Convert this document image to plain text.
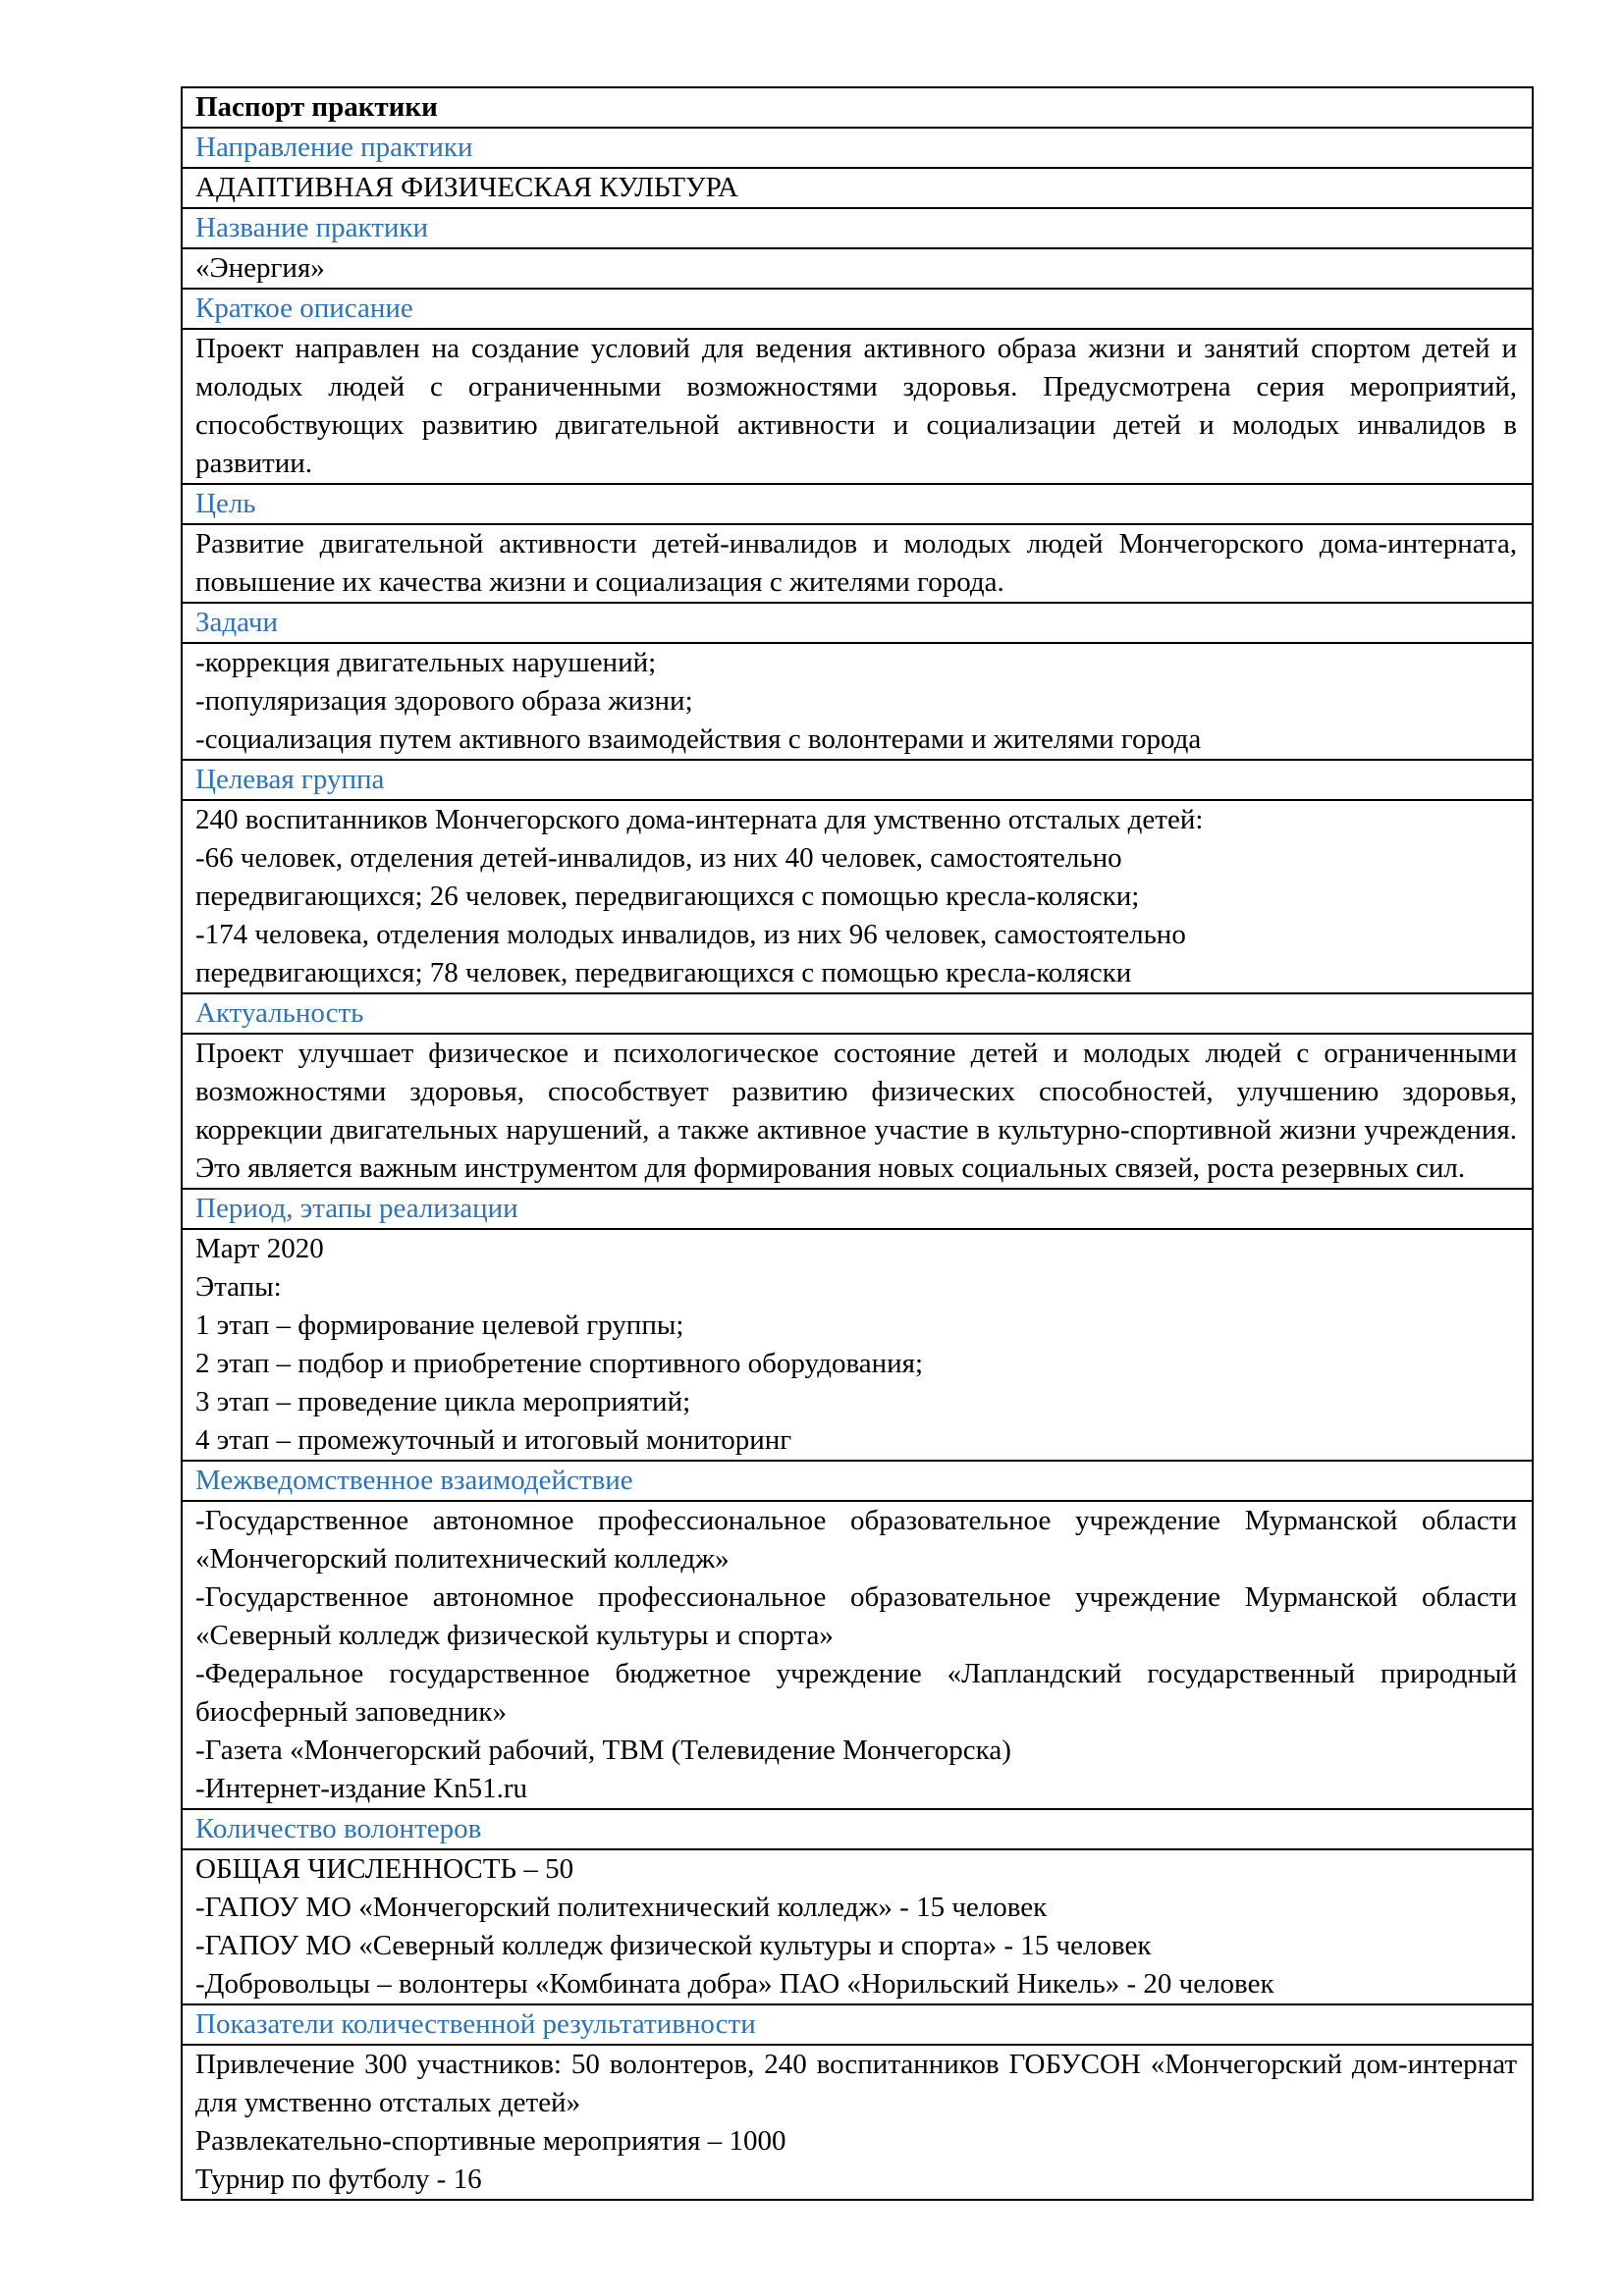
Паспорт практики
Направление практики

АДАПТИВНАЯ ФИЗИЧЕСКАЯ КУЛЬТУРА

Название практики

«Энергия»

Краткое описание

Проект направлен на создание условий для ведения активного образа жизни и занятий спортом детей и молодых людей с ограниченными возможностями здоровья. Предусмотрена серия мероприятий, способствующих развитию двигательной активности и социализации детей и молодых инвалидов в развитии.

Цель

Развитие двигательной активности детей-инвалидов и молодых людей Мончегорского дома-интерната, повышение их качества жизни и социализация с жителями города.

Задачи

-коррекция двигательных нарушений;
-популяризация здорового образа жизни;
-социализация путем активного взаимодействия с волонтерами и жителями города

Целевая группа

240 воспитанников Мончегорского дома-интерната для умственно отсталых детей:
-66 человек, отделения детей-инвалидов, из них 40 человек, самостоятельно
передвигающихся; 26 человек, передвигающихся с помощью кресла-коляски;
-174 человека, отделения молодых инвалидов, из них 96 человек, самостоятельно
передвигающихся; 78 человек, передвигающихся с помощью кресла-коляски

Актуальность

Проект улучшает физическое и психологическое состояние детей и молодых людей с ограниченными возможностями здоровья, способствует развитию физических способностей, улучшению здоровья, коррекции двигательных нарушений, а также активное участие в культурно-спортивной жизни учреждения. Это является важным инструментом для формирования новых социальных связей, роста резервных сил.

Период, этапы реализации

Март 2020
Этапы:
1 этап – формирование целевой группы;
2 этап – подбор и приобретение спортивного оборудования;
3 этап – проведение цикла мероприятий;
4 этап – промежуточный и итоговый мониторинг

Межведомственное взаимодействие

-Государственное автономное профессиональное образовательное учреждение Мурманской области «Мончегорский политехнический колледж»
-Государственное автономное профессиональное образовательное учреждение Мурманской области «Северный колледж физической культуры и спорта»
-Федеральное государственное бюджетное учреждение «Лапландский государственный природный биосферный заповедник»
-Газета «Мончегорский рабочий, ТВМ (Телевидение Мончегорска)
-Интернет-издание Kn51.ru

Количество волонтеров

ОБЩАЯ ЧИСЛЕННОСТЬ – 50
-ГАПОУ МО «Мончегорский политехнический колледж» - 15 человек
-ГАПОУ МО «Северный колледж физической культуры и спорта» - 15 человек
-Добровольцы – волонтеры «Комбината добра» ПАО «Норильский Никель» - 20 человек

Показатели количественной результативности

Привлечение 300 участников: 50 волонтеров, 240 воспитанников ГОБУСОН «Мончегорский дом-интернат для умственно отсталых детей»
Развлекательно-спортивные мероприятия – 1000
Турнир по футболу - 16
